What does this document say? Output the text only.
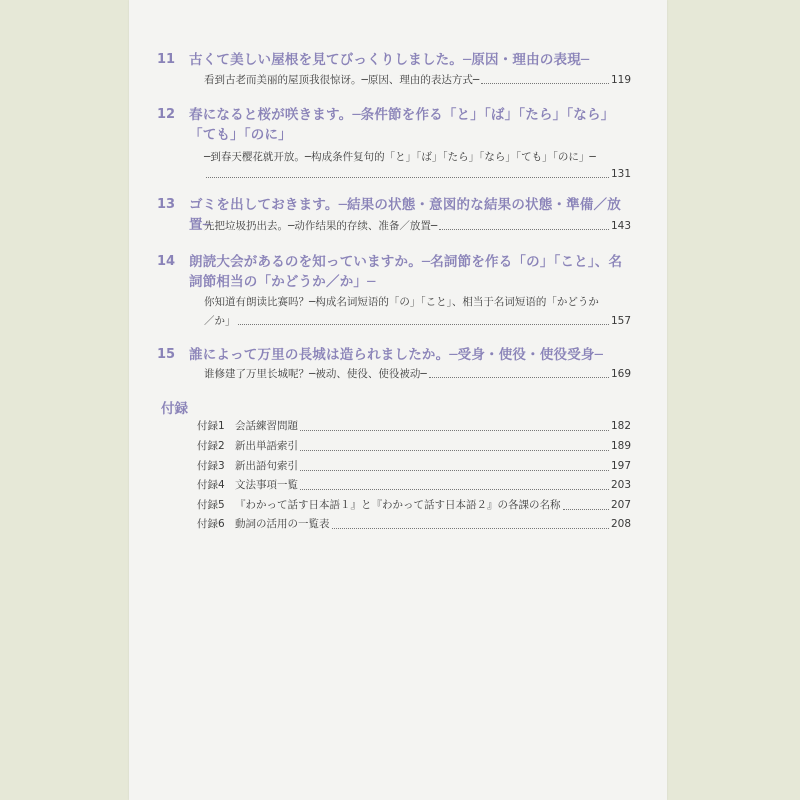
11 古くて美しい屋根を見てびっくりしました。─原因・理由の表現─
看到古老而美丽的屋顶我很惊讶。─原因、理由的表达方式─	119
12 春になると桜が咲きます。─条件節を作る「と」「ば」「たら」「なら」「ても」「のに」
─到春天樱花就开放。─构成条件复句的「と」「ば」「たら」「なら」「ても」「のに」─
131
13 ゴミを出しておきます。─結果の状態・意図的な結果の状態・準備／放置─
先把垃圾扔出去。─动作结果的存续、准备／放置─	143
14 朗読大会があるのを知っていますか。─名詞節を作る「の」「こと」、名詞節相当の「かどうか／か」─
你知道有朗读比赛吗？─构成名词短语的「の」「こと」、相当于名词短语的「かどうか
／か」	157
15 誰によって万里の長城は造られましたか。─受身・使役・使役受身─
谁修建了万里长城呢？─被动、使役、使役被动─	169
付録
付録1 会話練習問題	182
付録2 新出単語索引	189
付録3 新出語句索引	197
付録4 文法事項一覧	203
付録5 『わかって話す日本語１』と『わかって話す日本語２』の各課の名称	207
付録6 動詞の活用の一覧表	208
